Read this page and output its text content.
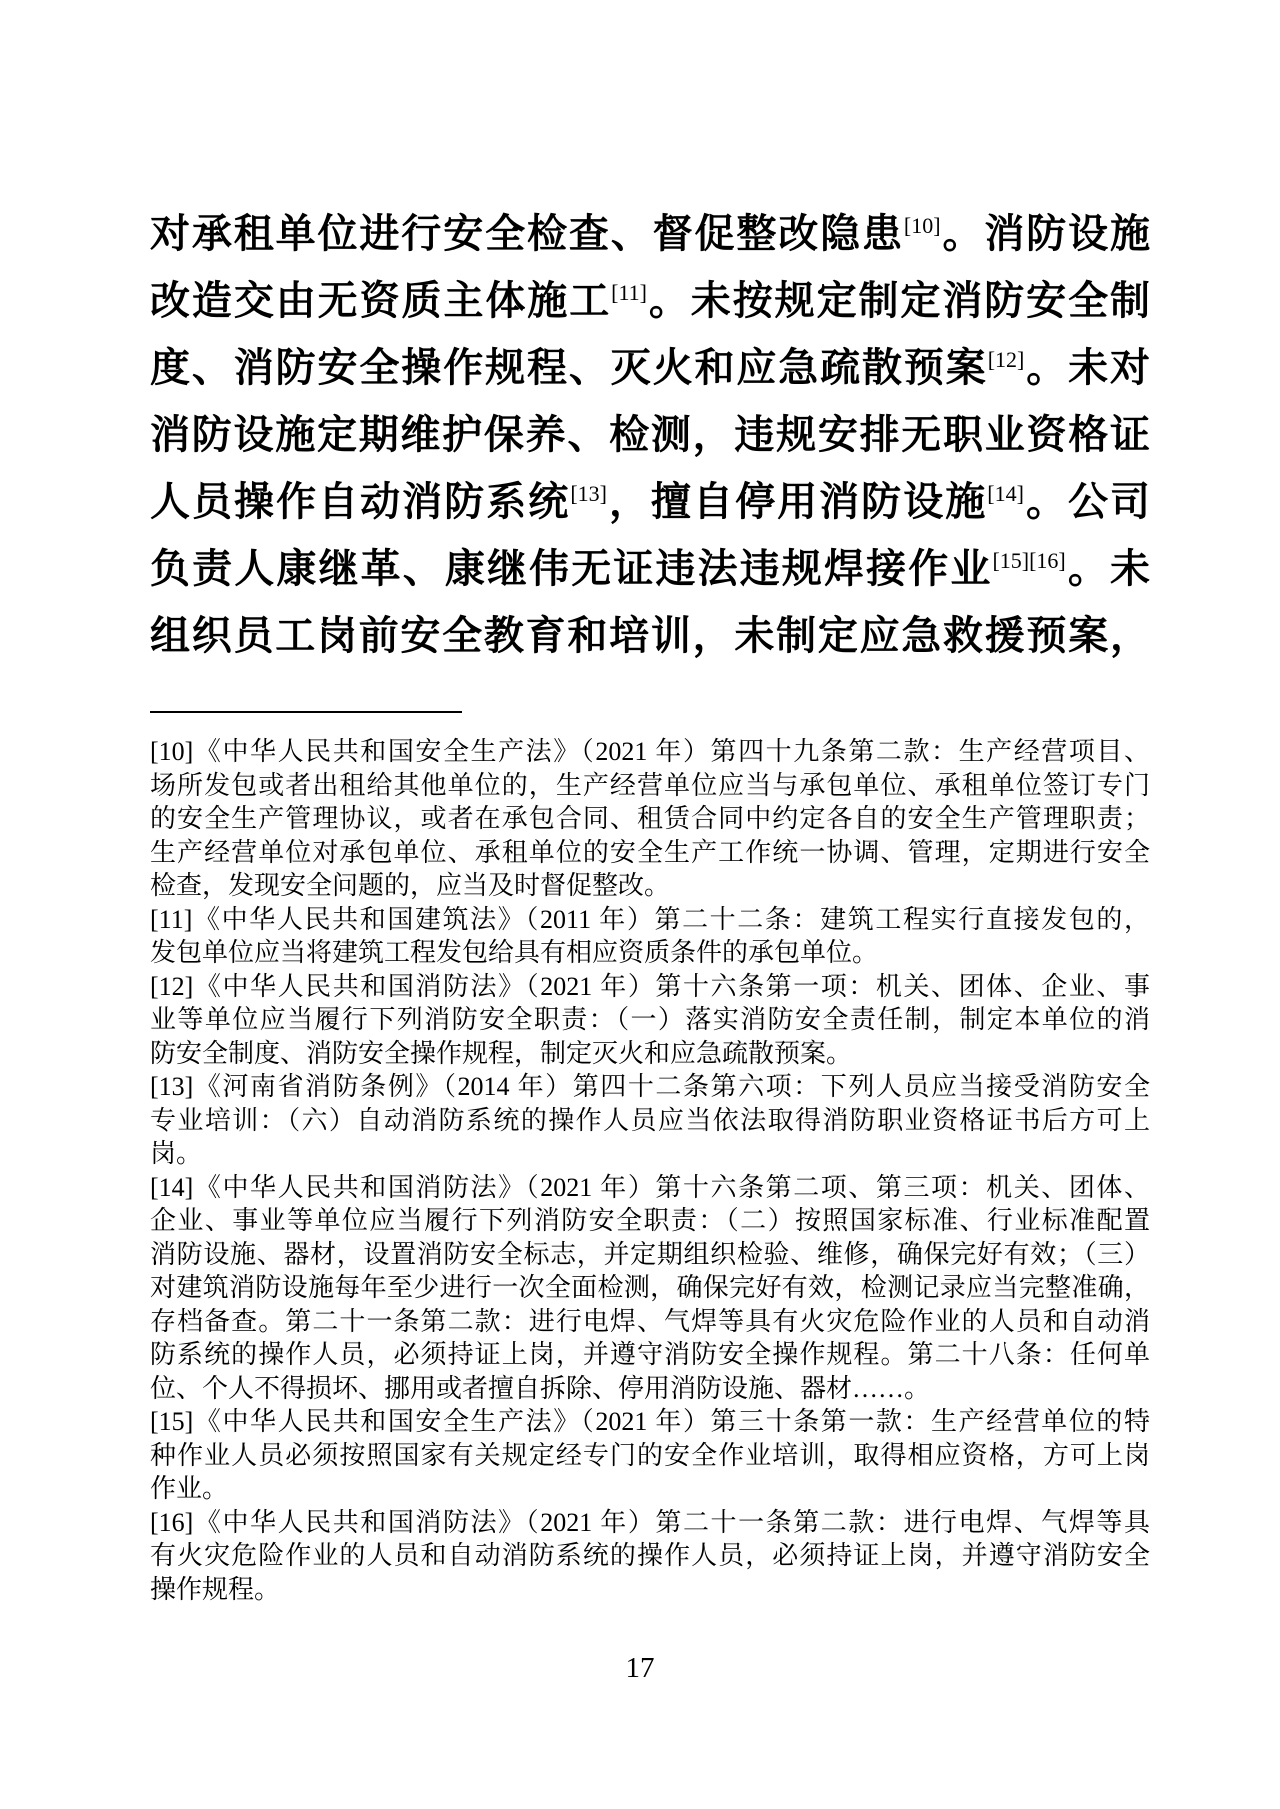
对承租单位进行安全检查、督促整改隐患[10]。消防设施
改造交由无资质主体施工[11]。未按规定制定消防安全制
度、消防安全操作规程、灭火和应急疏散预案[12]。未对
消防设施定期维护保养、检测，违规安排无职业资格证
人员操作自动消防系统[13]，擅自停用消防设施[14]。公司
负责人康继革、康继伟无证违法违规焊接作业[15][16]。未
组织员工岗前安全教育和培训，未制定应急救援预案，
[10]《中华人民共和国安全生产法》（2021 年）第四十九条第二款：生产经营项目、
场所发包或者出租给其他单位的，生产经营单位应当与承包单位、承租单位签订专门
的安全生产管理协议，或者在承包合同、租赁合同中约定各自的安全生产管理职责；
生产经营单位对承包单位、承租单位的安全生产工作统一协调、管理，定期进行安全
检查，发现安全问题的，应当及时督促整改。
[11]《中华人民共和国建筑法》（2011 年）第二十二条：建筑工程实行直接发包的，
发包单位应当将建筑工程发包给具有相应资质条件的承包单位。
[12]《中华人民共和国消防法》（2021 年）第十六条第一项：机关、团体、企业、事
业等单位应当履行下列消防安全职责：（一）落实消防安全责任制，制定本单位的消
防安全制度、消防安全操作规程，制定灭火和应急疏散预案。
[13]《河南省消防条例》（2014 年）第四十二条第六项：下列人员应当接受消防安全
专业培训：（六）自动消防系统的操作人员应当依法取得消防职业资格证书后方可上
岗。
[14]《中华人民共和国消防法》（2021 年）第十六条第二项、第三项：机关、团体、
企业、事业等单位应当履行下列消防安全职责：（二）按照国家标准、行业标准配置
消防设施、器材，设置消防安全标志，并定期组织检验、维修，确保完好有效；（三）
对建筑消防设施每年至少进行一次全面检测，确保完好有效，检测记录应当完整准确，
存档备查。第二十一条第二款：进行电焊、气焊等具有火灾危险作业的人员和自动消
防系统的操作人员，必须持证上岗，并遵守消防安全操作规程。第二十八条：任何单
位、个人不得损坏、挪用或者擅自拆除、停用消防设施、器材……。
[15]《中华人民共和国安全生产法》（2021 年）第三十条第一款：生产经营单位的特
种作业人员必须按照国家有关规定经专门的安全作业培训，取得相应资格，方可上岗
作业。
[16]《中华人民共和国消防法》（2021 年）第二十一条第二款：进行电焊、气焊等具
有火灾危险作业的人员和自动消防系统的操作人员，必须持证上岗，并遵守消防安全
操作规程。
17
